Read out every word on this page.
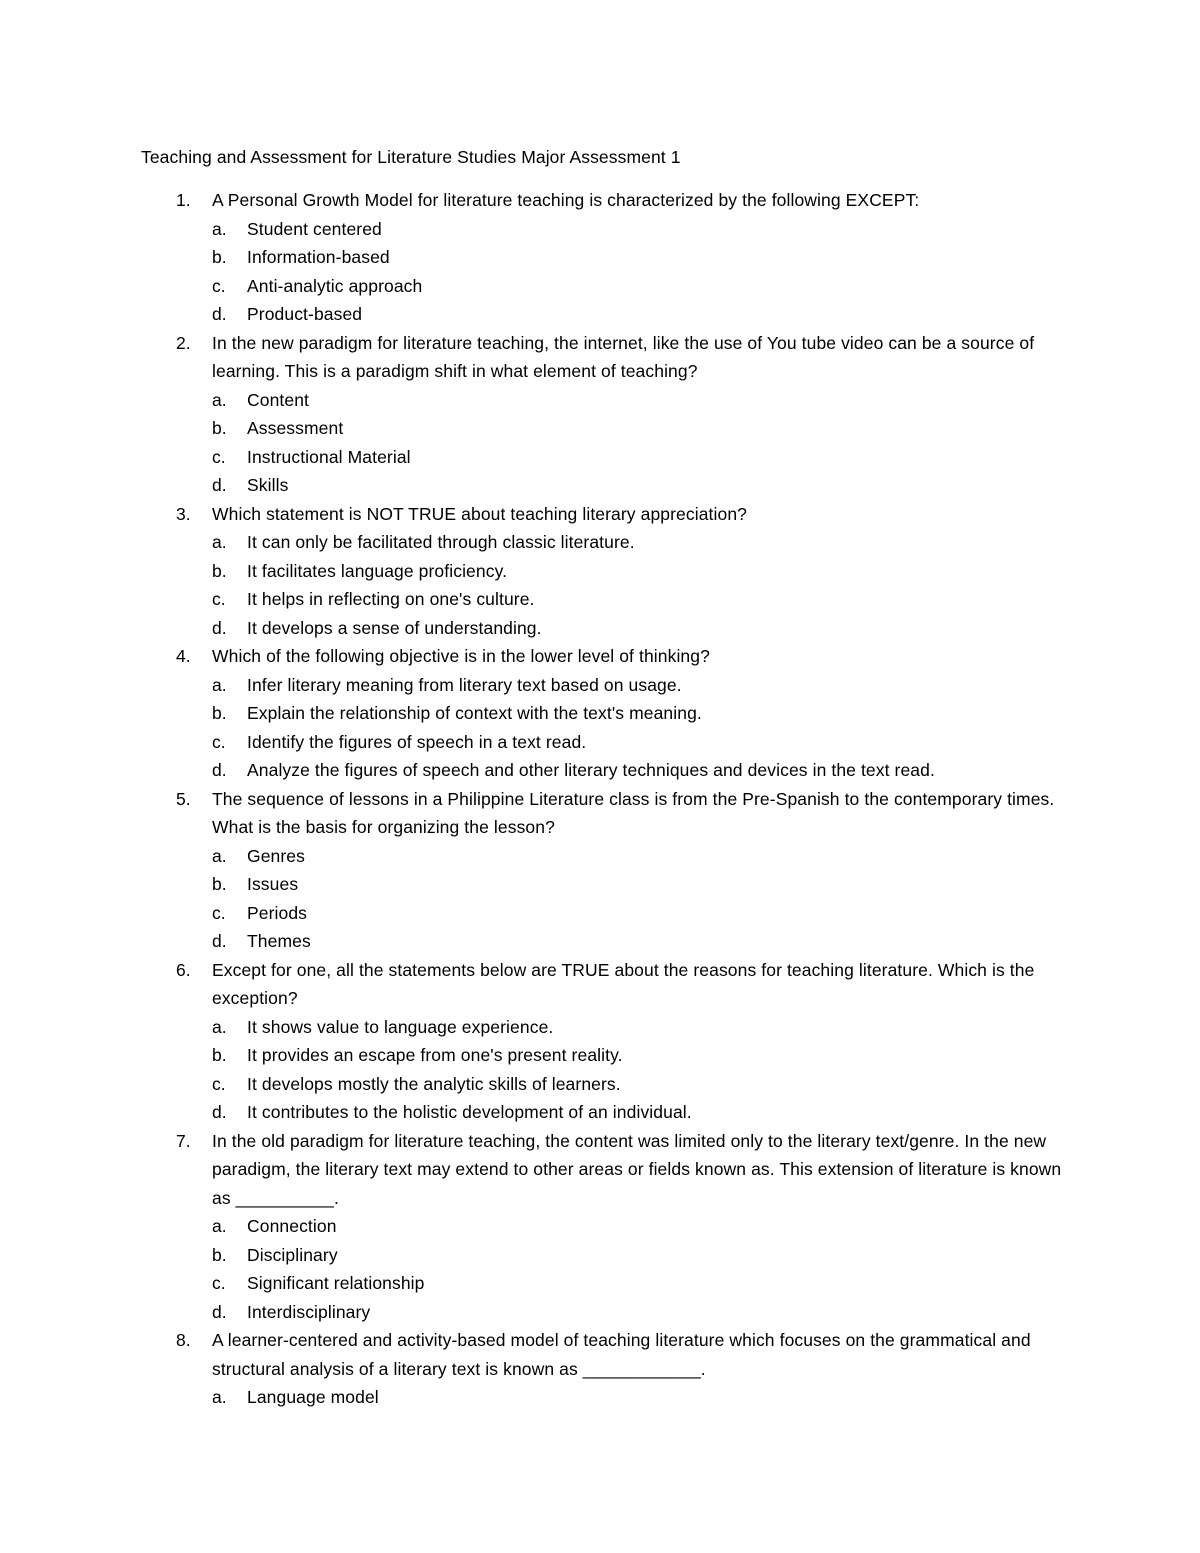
Teaching and Assessment for Literature Studies Major Assessment 1
1. A Personal Growth Model for literature teaching is characterized by the following EXCEPT:
a. Student centered
b. Information-based
c. Anti-analytic approach
d. Product-based
2. In the new paradigm for literature teaching, the internet, like the use of You tube video can be a source of learning. This is a paradigm shift in what element of teaching?
a. Content
b. Assessment
c. Instructional Material
d. Skills
3. Which statement is NOT TRUE about teaching literary appreciation?
a. It can only be facilitated through classic literature.
b. It facilitates language proficiency.
c. It helps in reflecting on one's culture.
d. It develops a sense of understanding.
4. Which of the following objective is in the lower level of thinking?
a. Infer literary meaning from literary text based on usage.
b. Explain the relationship of context with the text's meaning.
c. Identify the figures of speech in a text read.
d. Analyze the figures of speech and other literary techniques and devices in the text read.
5. The sequence of lessons in a Philippine Literature class is from the Pre-Spanish to the contemporary times. What is the basis for organizing the lesson?
a. Genres
b. Issues
c. Periods
d. Themes
6. Except for one, all the statements below are TRUE about the reasons for teaching literature. Which is the exception?
a. It shows value to language experience.
b. It provides an escape from one's present reality.
c. It develops mostly the analytic skills of learners.
d. It contributes to the holistic development of an individual.
7. In the old paradigm for literature teaching, the content was limited only to the literary text/genre. In the new paradigm, the literary text may extend to other areas or fields known as. This extension of literature is known as __________.
a. Connection
b. Disciplinary
c. Significant relationship
d. Interdisciplinary
8. A learner-centered and activity-based model of teaching literature which focuses on the grammatical and structural analysis of a literary text is known as ____________.
a. Language model
